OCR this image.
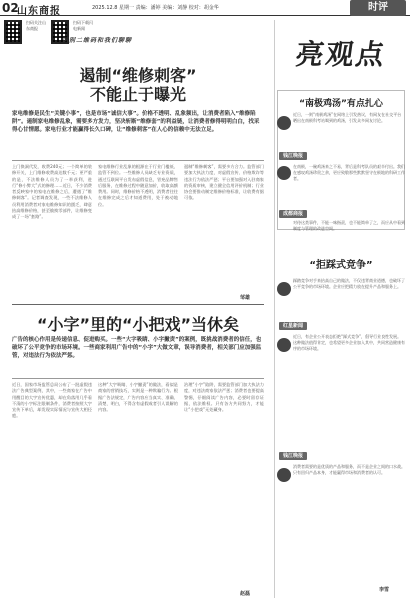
02
山东商报	2025.12.8 星期一 责编：潘婷 美编：刘静 校对：胡金华	时评
扫码关注山东商报
扫码下载闪电新闻
识别二维码和我们聊聊
遏制“维修刺客”
不能止于曝光
家电维修是民生“关键小事”，也是市场“诚信大事”。价格不透明、乱象频出，让消费者陷入“维修陷阱”。遏制家电维修乱象，需要多方发力，坚决斩断“维修套”的利益链，让消费者修得明明白白，找采得心甘情愿。家电行业才能赢得长久口碑，让“维修刺客”在人心的信赖中无法立足。
上门换洞代发，收费240元；一个简单的装修开关，上门维修收费高达数千元；更严重的是，不法维修人员为了一举获利，进行“修小弊大”式的修理……近日，不少消费者反映家中的家电在维修之后，遭遇了“维修刺客”。记者调查发现，一些不法维修人员利用消费者对家电维修知识的匮乏，肆意抬高维修价格，甚至偷换零部件，让维修变成了一场“套路”。
家电维修行业乱象的根源在于行业门槛低、监管不到位。一些维修人员缺乏专业资质，通过互联网平台发布虚假信息，冒充品牌售后服务，在维修过程中随意加价，收取高额费用。同时，维修价格不透明，消费者往往在维修完成之后才知道费用，处于被动地位。
遏制“维修刺客”，需要多方合力。监管部门要加大执法力度，对虚假宣传、价格欺诈等违法行为依法严惩；平台要加强对入驻商家的资质审核，建立健全信用评价机制；行业协会要推动制定维修价格标准，让收费有据可依。
邹雄
“小字”里的“小把戏”当休矣
广告的核心作用是传递信息、促进购买。一些“大字吸睛、小字撇责”的案例，既挑战消费者的信任，也破坏了公平竞争的市场环境。一些商家利用广告中的“小字”大做文章，误导消费者，相关部门应加强监管，对违法行为依法严惩。
近日，国家市场监管总局公布了一批虚假违法广告典型案例，其中，一些商家在广告中用醒目的大字宣传优惠，却在角落用几乎看不清的小字标注限制条件，消费者按照大字宣传下单后，却发现实际情况与宣传大相径庭。
这种“大字吸睛、小字撇责”的做法，看似是商家的营销技巧，实则是一种欺骗行为。根据广告法规定，广告内容应当真实、准确、清楚、明白，不得含有虚假或者引人误解的内容。
治理“小字”陷阱，需要监管部门加大执法力度，对违法商家依法严惩；消费者也要提高警惕，仔细阅读广告内容，必要时留存证据，依法维权。只有各方共同努力，才能让“小把戏”无处藏身。
赵磊
亮观点
“南极鸡汤”有点扎心
近日，一则“南极鸡汤”在网络上引发热议，有网友在社交平台晒出在南极科考站喝到的鸡汤，引发众多网友讨论。
钱江晚报
在南极，一碗鸡汤来之不易，背后是科考队员的艰辛付出。我们在感叹鸡汤珍贵之余，更应致敬那些默默坚守在极地的科研工作者。
成都商报
对待这类事件，不能一味指责，也不能简单了之，而应从中看到制度与管理的改进空间。
“拒踩式竞争”
踩踏竞争对手来抬高自己的做法，不仅违背商业道德，也破坏了公平竞争的市场环境。企业应把精力放在提升产品和服务上。
红星新闻
近日，有企业公开表态拒绝“踩式竞争”，倡导行业良性发展。这种做法值得肯定，也希望更多企业加入其中，共同营造健康有序的市场环境。
钱江晚报
消费者需要的是优质的产品和服务，而不是企业之间的口水战。只有回归产品本身，才能赢得市场和消费者的认可。
李雪
